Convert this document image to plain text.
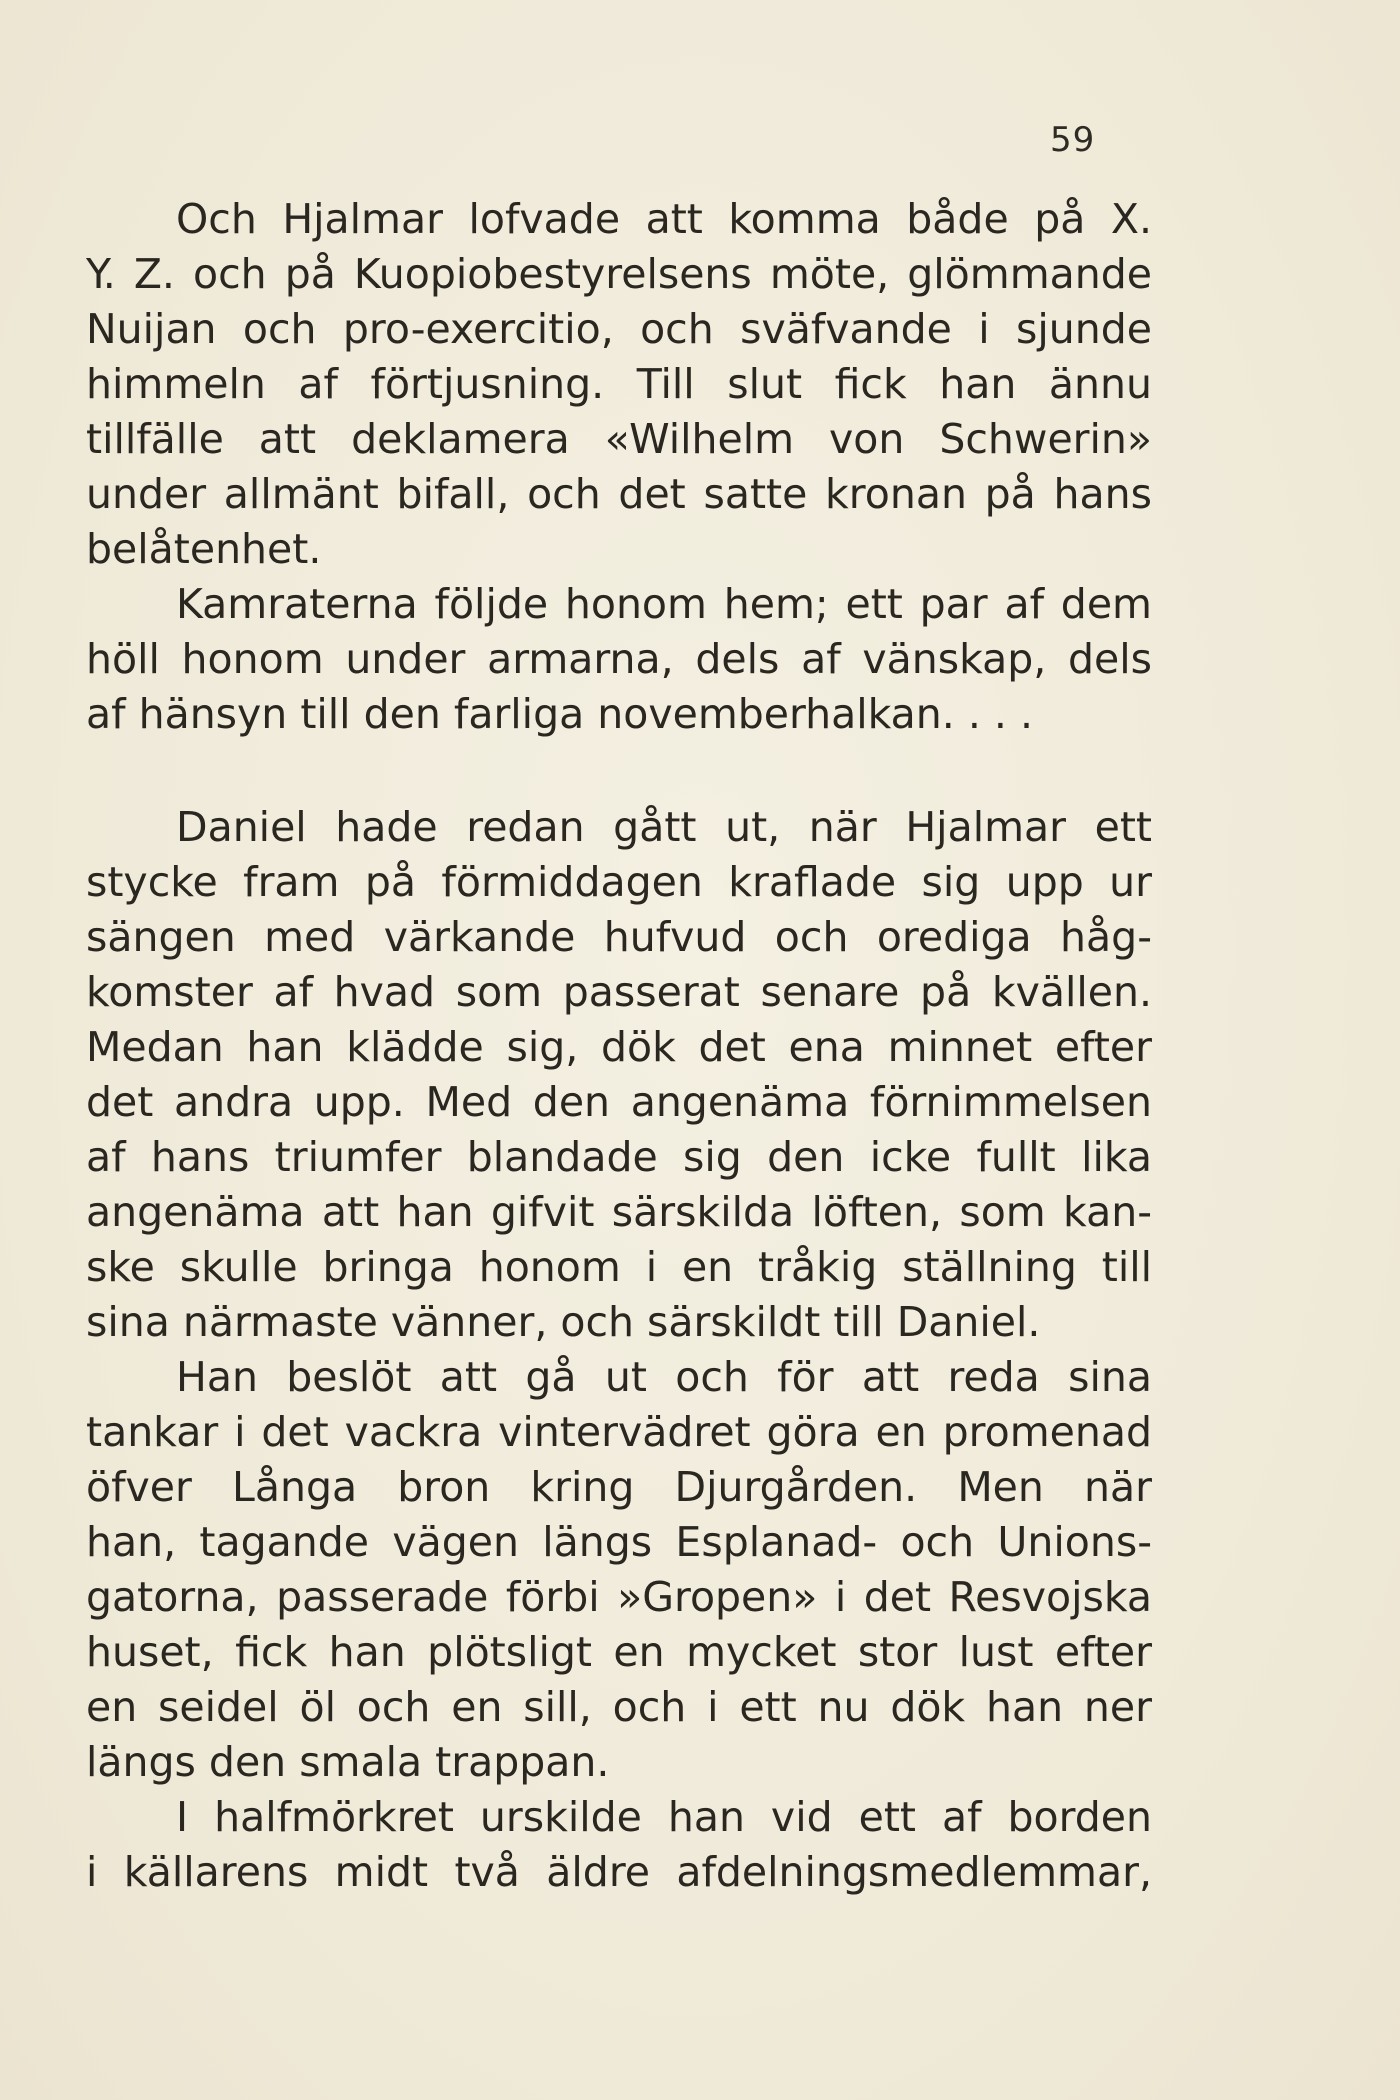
59
Och Hjalmar lofvade att komma både på X.
Y. Z. och på Kuopiobestyrelsens möte, glömmande
Nuijan och pro-exercitio, och sväfvande i sjunde
himmeln af förtjusning. Till slut fick han ännu
tillfälle att deklamera «Wilhelm von Schwerin»
under allmänt bifall, och det satte kronan på hans
belåtenhet.
Kamraterna följde honom hem; ett par af dem
höll honom under armarna, dels af vänskap, dels
af hänsyn till den farliga novemberhalkan. . . .
Daniel hade redan gått ut, när Hjalmar ett
stycke fram på förmiddagen kraflade sig upp ur
sängen med värkande hufvud och orediga håg-
komster af hvad som passerat senare på kvällen.
Medan han klädde sig, dök det ena minnet efter
det andra upp. Med den angenäma förnimmelsen
af hans triumfer blandade sig den icke fullt lika
angenäma att han gifvit särskilda löften, som kan-
ske skulle bringa honom i en tråkig ställning till
sina närmaste vänner, och särskildt till Daniel.
Han beslöt att gå ut och för att reda sina
tankar i det vackra vintervädret göra en promenad
öfver Långa bron kring Djurgården. Men när
han, tagande vägen längs Esplanad- och Unions-
gatorna, passerade förbi »Gropen» i det Resvojska
huset, fick han plötsligt en mycket stor lust efter
en seidel öl och en sill, och i ett nu dök han ner
längs den smala trappan.
I halfmörkret urskilde han vid ett af borden
i källarens midt två äldre afdelningsmedlemmar,
